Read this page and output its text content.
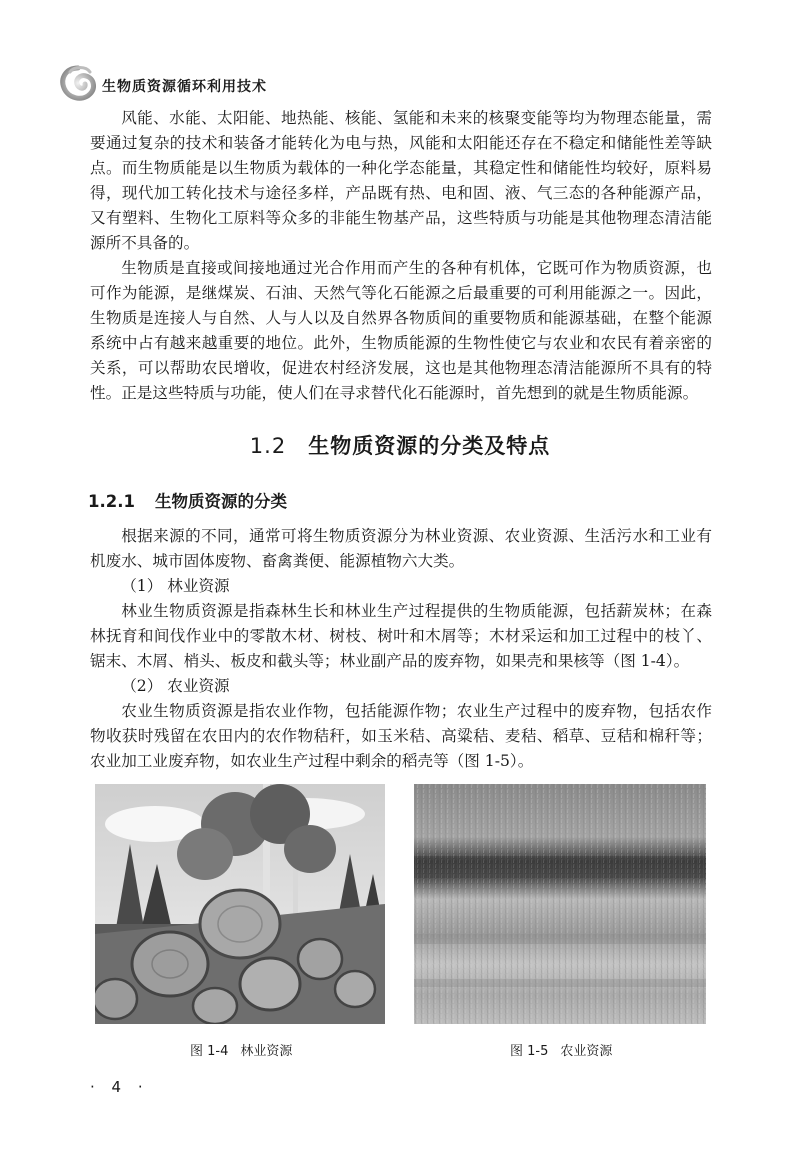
生物质资源循环利用技术

风能、水能、太阳能、地热能、核能、氢能和未来的核聚变能等均为物理态能量，需要通过复杂的技术和装备才能转化为电与热，风能和太阳能还存在不稳定和储能性差等缺点。而生物质能是以生物质为载体的一种化学态能量，其稳定性和储能性均较好，原料易得，现代加工转化技术与途径多样，产品既有热、电和固、液、气三态的各种能源产品，又有塑料、生物化工原料等众多的非能生物基产品，这些特质与功能是其他物理态清洁能源所不具备的。

生物质是直接或间接地通过光合作用而产生的各种有机体，它既可作为物质资源，也可作为能源，是继煤炭、石油、天然气等化石能源之后最重要的可利用能源之一。因此，生物质是连接人与自然、人与人以及自然界各物质间的重要物质和能源基础，在整个能源系统中占有越来越重要的地位。此外，生物质能源的生物性使它与农业和农民有着亲密的关系，可以帮助农民增收，促进农村经济发展，这也是其他物理态清洁能源所不具有的特性。正是这些特质与功能，使人们在寻求替代化石能源时，首先想到的就是生物质能源。

1.2 生物质资源的分类及特点
1.2.1 生物质资源的分类

根据来源的不同，通常可将生物质资源分为林业资源、农业资源、生活污水和工业有机废水、城市固体废物、畜禽粪便、能源植物六大类。

（1） 林业资源

林业生物质资源是指森林生长和林业生产过程提供的生物质能源，包括薪炭林；在森林抚育和间伐作业中的零散木材、树枝、树叶和木屑等；木材采运和加工过程中的枝丫、锯末、木屑、梢头、板皮和截头等；林业副产品的废弃物，如果壳和果核等（图 1-4）。

（2） 农业资源

农业生物质资源是指农业作物，包括能源作物；农业生产过程中的废弃物，包括农作物收获时残留在农田内的农作物秸秆，如玉米秸、高粱秸、麦秸、稻草、豆秸和棉秆等；农业加工业废弃物，如农业生产过程中剩余的稻壳等（图 1-5）。

图 1-4 林业资源	图 1-5 农业资源
· 4 ·
